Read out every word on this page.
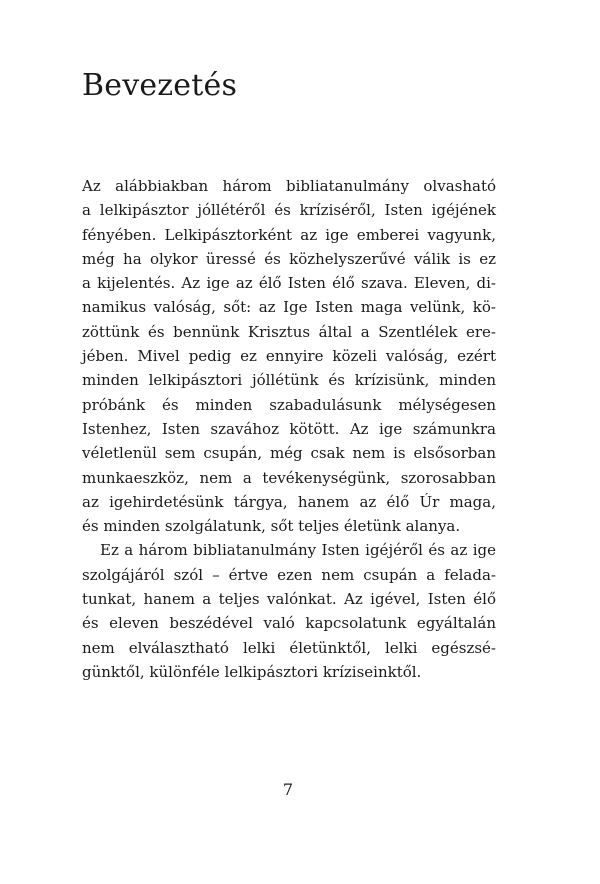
Bevezetés
Az alábbiakban három bibliatanulmány olvasható
a lelkipásztor jóllétéről és kríziséről, Isten igéjének
fényében. Lelkipásztorként az ige emberei vagyunk,
még ha olykor üressé és közhelyszerűvé válik is ez
a kijelentés. Az ige az élő Isten élő szava. Eleven, di-
namikus valóság, sőt: az Ige Isten maga velünk, kö-
zöttünk és bennünk Krisztus által a Szentlélek ere-
jében. Mivel pedig ez ennyire közeli valóság, ezért
minden lelkipásztori jóllétünk és krízisünk, minden
próbánk és minden szabadulásunk mélységesen
Istenhez, Isten szavához kötött. Az ige számunkra
véletlenül sem csupán, még csak nem is elsősorban
munkaeszköz, nem a tevékenységünk, szorosabban
az igehirdetésünk tárgya, hanem az élő Úr maga,
és minden szolgálatunk, sőt teljes életünk alanya.
Ez a három bibliatanulmány Isten igéjéről és az ige
szolgájáról szól – értve ezen nem csupán a felada-
tunkat, hanem a teljes valónkat. Az igével, Isten élő
és eleven beszédével való kapcsolatunk egyáltalán
nem elválasztható lelki életünktől, lelki egészsé-
günktől, különféle lelkipásztori kríziseinktől.
7
